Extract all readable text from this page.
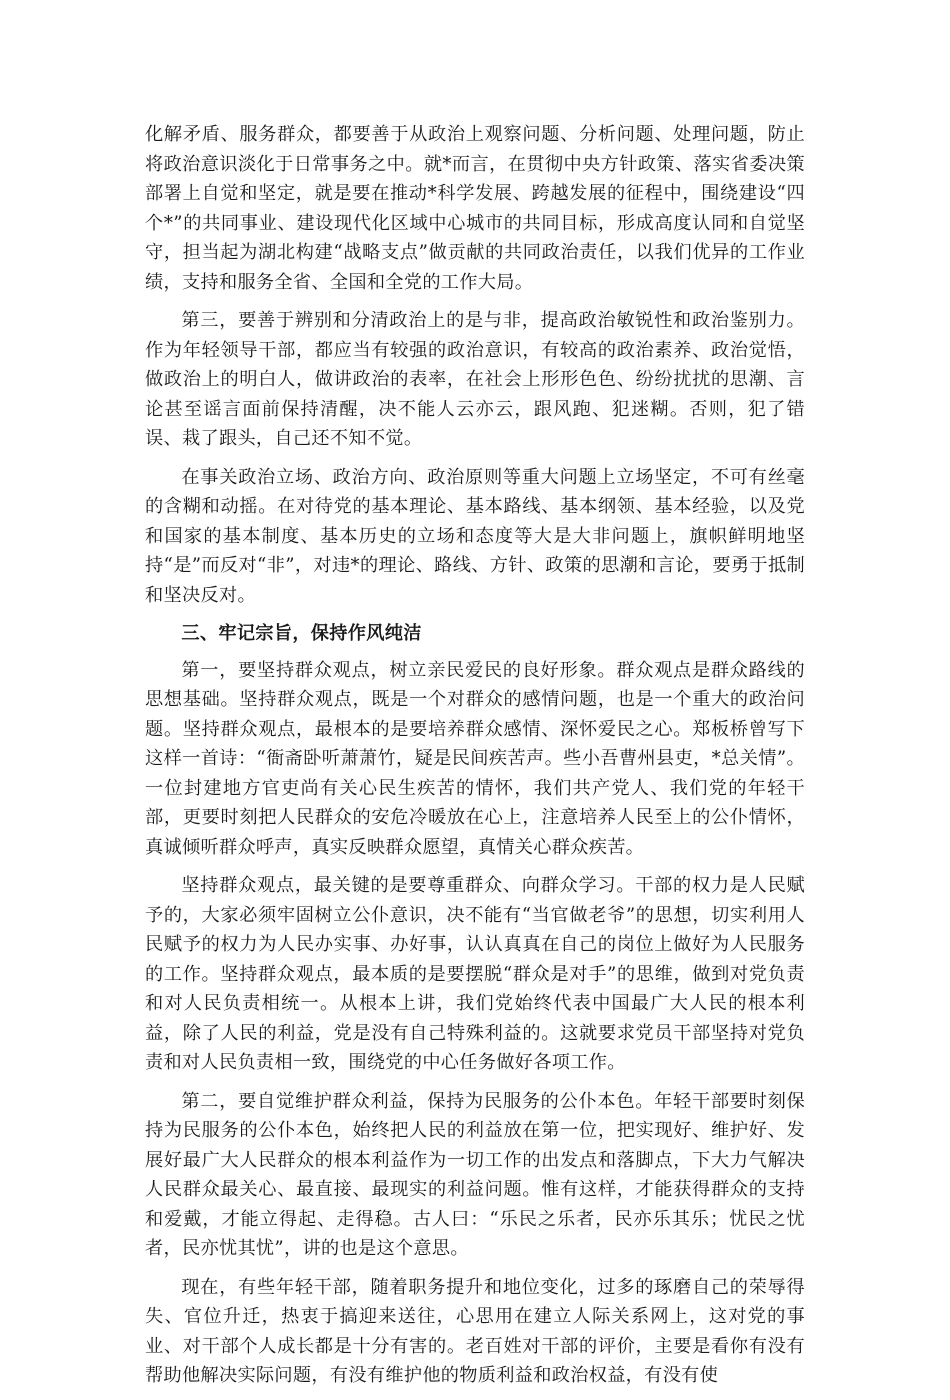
化解矛盾、服务群众，都要善于从政治上观察问题、分析问题、处理问题，防止将政治意识淡化于日常事务之中。就*而言，在贯彻中央方针政策、落实省委决策部署上自觉和坚定，就是要在推动*科学发展、跨越发展的征程中，围绕建设“四个*”的共同事业、建设现代化区域中心城市的共同目标，形成高度认同和自觉坚守，担当起为湖北构建“战略支点”做贡献的共同政治责任，以我们优异的工作业绩，支持和服务全省、全国和全党的工作大局。

第三，要善于辨别和分清政治上的是与非，提高政治敏锐性和政治鉴别力。作为年轻领导干部，都应当有较强的政治意识，有较高的政治素养、政治觉悟，做政治上的明白人，做讲政治的表率，在社会上形形色色、纷纷扰扰的思潮、言论甚至谣言面前保持清醒，决不能人云亦云，跟风跑、犯迷糊。否则，犯了错误、栽了跟头，自己还不知不觉。

在事关政治立场、政治方向、政治原则等重大问题上立场坚定，不可有丝毫的含糊和动摇。在对待党的基本理论、基本路线、基本纲领、基本经验，以及党和国家的基本制度、基本历史的立场和态度等大是大非问题上，旗帜鲜明地坚持“是”而反对“非”，对违*的理论、路线、方针、政策的思潮和言论，要勇于抵制和坚决反对。

三、牢记宗旨，保持作风纯洁

第一，要坚持群众观点，树立亲民爱民的良好形象。群众观点是群众路线的思想基础。坚持群众观点，既是一个对群众的感情问题，也是一个重大的政治问题。坚持群众观点，最根本的是要培养群众感情、深怀爱民之心。郑板桥曾写下这样一首诗：“衙斋卧听萧萧竹，疑是民间疾苦声。些小吾曹州县吏，*总关情”。一位封建地方官吏尚有关心民生疾苦的情怀，我们共产党人、我们党的年轻干部，更要时刻把人民群众的安危冷暖放在心上，注意培养人民至上的公仆情怀，真诚倾听群众呼声，真实反映群众愿望，真情关心群众疾苦。

坚持群众观点，最关键的是要尊重群众、向群众学习。干部的权力是人民赋予的，大家必须牢固树立公仆意识，决不能有“当官做老爷”的思想，切实利用人民赋予的权力为人民办实事、办好事，认认真真在自己的岗位上做好为人民服务的工作。坚持群众观点，最本质的是要摆脱“群众是对手”的思维，做到对党负责和对人民负责相统一。从根本上讲，我们党始终代表中国最广大人民的根本利益，除了人民的利益，党是没有自己特殊利益的。这就要求党员干部坚持对党负责和对人民负责相一致，围绕党的中心任务做好各项工作。

第二，要自觉维护群众利益，保持为民服务的公仆本色。年轻干部要时刻保持为民服务的公仆本色，始终把人民的利益放在第一位，把实现好、维护好、发展好最广大人民群众的根本利益作为一切工作的出发点和落脚点，下大力气解决人民群众最关心、最直接、最现实的利益问题。惟有这样，才能获得群众的支持和爱戴，才能立得起、走得稳。古人曰：“乐民之乐者，民亦乐其乐；忧民之忧者，民亦忧其忧”，讲的也是这个意思。

现在，有些年轻干部，随着职务提升和地位变化，过多的琢磨自己的荣辱得失、官位升迁，热衷于搞迎来送往，心思用在建立人际关系网上，这对党的事业、对干部个人成长都是十分有害的。老百姓对干部的评价，主要是看你有没有帮助他解决实际问题，有没有维护他的物质利益和政治权益，有没有使
